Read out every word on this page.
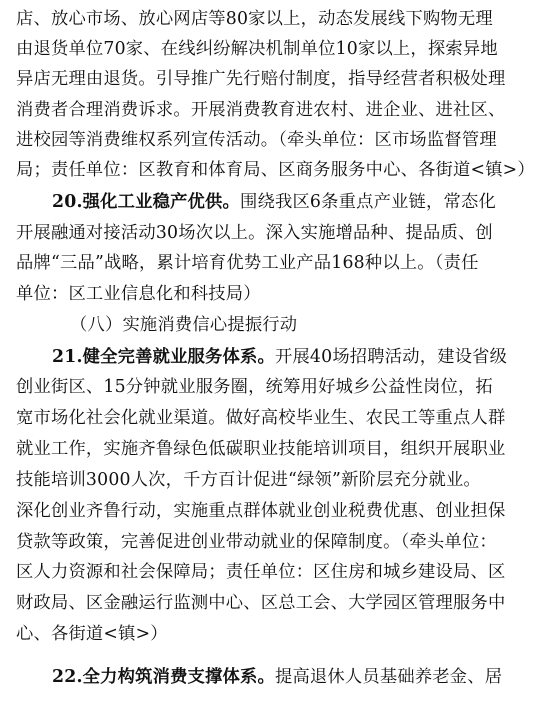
店、放心市场、放心网店等80家以上，动态发展线下购物无理
由退货单位70家、在线纠纷解决机制单位10家以上，探索异地
异店无理由退货。引导推广先行赔付制度，指导经营者积极处理
消费者合理消费诉求。开展消费教育进农村、进企业、进社区、
进校园等消费维权系列宣传活动。（牵头单位：区市场监督管理
局；责任单位：区教育和体育局、区商务服务中心、各街道<镇>）
20.强化工业稳产优供。围绕我区6条重点产业链，常态化
开展融通对接活动30场次以上。深入实施增品种、提品质、创
品牌“三品”战略，累计培育优势工业产品168种以上。（责任
单位：区工业信息化和科技局）
（八）实施消费信心提振行动
21.健全完善就业服务体系。开展40场招聘活动，建设省级
创业街区、15分钟就业服务圈，统筹用好城乡公益性岗位，拓
宽市场化社会化就业渠道。做好高校毕业生、农民工等重点人群
就业工作，实施齐鲁绿色低碳职业技能培训项目，组织开展职业
技能培训3000人次，千方百计促进“绿领”新阶层充分就业。
深化创业齐鲁行动，实施重点群体就业创业税费优惠、创业担保
贷款等政策，完善促进创业带动就业的保障制度。（牵头单位：
区人力资源和社会保障局；责任单位：区住房和城乡建设局、区
财政局、区金融运行监测中心、区总工会、大学园区管理服务中
心、各街道<镇>）
22.全力构筑消费支撑体系。提高退休人员基础养老金、居
